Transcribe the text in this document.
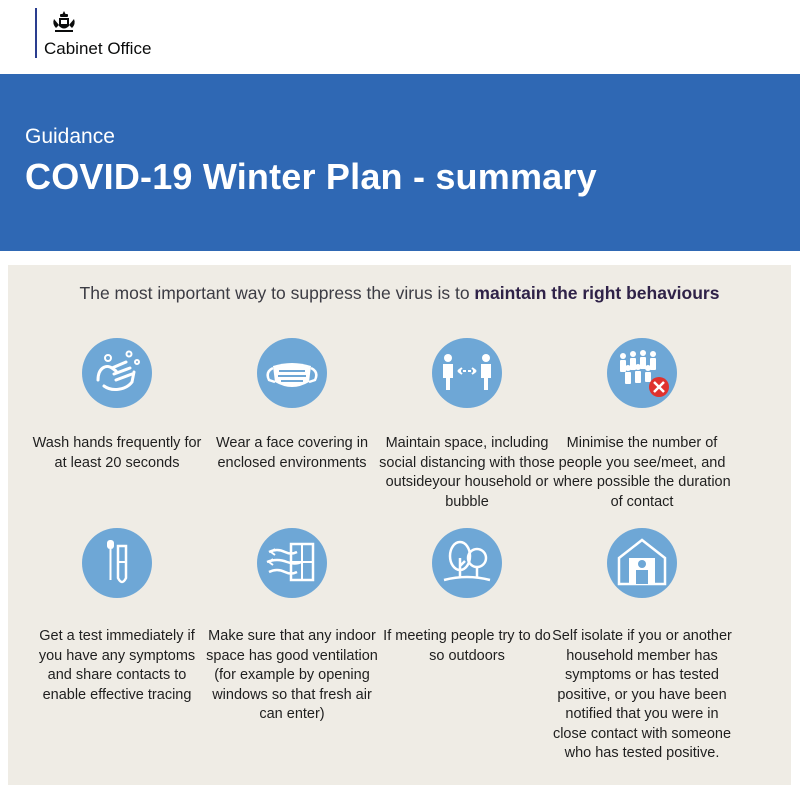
Cabinet Office
Guidance
COVID-19 Winter Plan - summary
The most important way to suppress the virus is to maintain the right behaviours
Wash hands frequently for at least 20 seconds
Wear a face covering in enclosed environments
Maintain space, including social distancing with those outsideyour household or bubble
Minimise the number of people you see/meet, and where possible the duration of contact
Get a test immediately if you have any symptoms and share contacts to enable effective tracing
Make sure that any indoor space has good ventilation (for example by opening windows so that fresh air can enter)
If meeting people try to do so outdoors
Self isolate if you or another household member has symptoms or has tested positive, or you have been notified that you were in close contact with someone who has tested positive.
